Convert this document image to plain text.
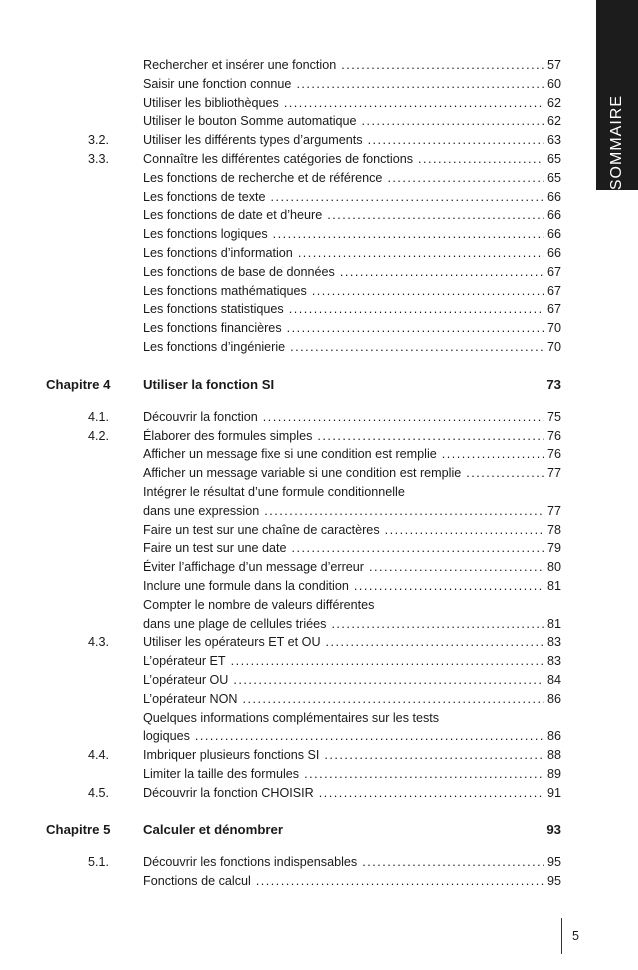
SOMMAIRE
Rechercher et insérer une fonction .....	57
Saisir une fonction connue .....	60
Utiliser les bibliothèques .....	62
Utiliser le bouton Somme automatique .....	62
3.2.	Utiliser les différents types d’arguments .....	63
3.3.	Connaître les différentes catégories de fonctions .....	65
Les fonctions de recherche et de référence .....	65
Les fonctions de texte .....	66
Les fonctions de date et d’heure .....	66
Les fonctions logiques .....	66
Les fonctions d’information .....	66
Les fonctions de base de données .....	67
Les fonctions mathématiques .....	67
Les fonctions statistiques .....	67
Les fonctions financières .....	70
Les fonctions d’ingénierie .....	70
Chapitre 4 Utiliser la fonction SI	73
4.1.	Découvrir la fonction .....	75
4.2.	Élaborer des formules simples .....	76
Afficher un message fixe si une condition est remplie .....	76
Afficher un message variable si une condition est remplie .....	77
Intégrer le résultat d’une formule conditionnelle
dans une expression .....	77
Faire un test sur une chaîne de caractères .....	78
Faire un test sur une date .....	79
Éviter l’affichage d’un message d’erreur .....	80
Inclure une formule dans la condition .....	81
Compter le nombre de valeurs différentes
dans une plage de cellules triées .....	81
4.3.	Utiliser les opérateurs ET et OU .....	83
L’opérateur ET .....	83
L’opérateur OU .....	84
L’opérateur NON .....	86
Quelques informations complémentaires sur les tests
logiques .....	86
4.4.	Imbriquer plusieurs fonctions SI .....	88
Limiter la taille des formules .....	89
4.5.	Découvrir la fonction CHOISIR .....	91
Chapitre 5 Calculer et dénombrer	93
5.1.	Découvrir les fonctions indispensables .....	95
Fonctions de calcul .....	95
5
